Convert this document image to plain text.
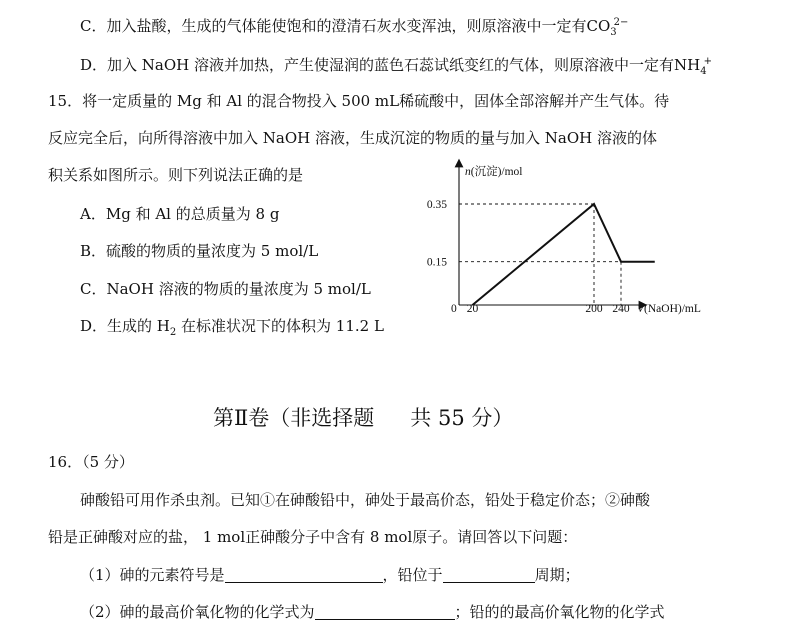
C．加入盐酸，生成的气体能使饱和的澄清石灰水变浑浊，则原溶液中一定有$CO_3^{2-}$
D．加入 NaOH 溶液并加热，产生使湿润的蓝色石蕊试纸变红的气体，则原溶液中一定有$NH_4^+$
15．将一定质量的 Mg 和 Al 的混合物投入 500 mL稀硫酸中，固体全部溶解并产生气体。待
反应完全后，向所得溶液中加入 NaOH 溶液，生成沉淀的物质的量与加入 NaOH 溶液的体
积关系如图所示。则下列说法正确的是
A．Mg 和 Al 的总质量为 8 g
B．硫酸的物质的量浓度为 5 mol/L
C．NaOH 溶液的物质的量浓度为 5 mol/L
D．生成的 $H_2$ 在标准状况下的体积为 11.2 L
n(沉淀)/mol
V(NaOH)/mL
0 20	200 240
0.35
0.15
第Ⅱ卷（非选择题 共 55 分）
16．（5 分）
砷酸铅可用作杀虫剂。已知①在砷酸铅中，砷处于最高价态，铅处于稳定价态；②砷酸
铅是正砷酸对应的盐， 1 mol正砷酸分子中含有 8 mol原子。请回答以下问题：
（1）砷的元素符号是	，铅位于	周期；
（2）砷的最高价氧化物的化学式为	；铅的的最高价氧化物的化学式
